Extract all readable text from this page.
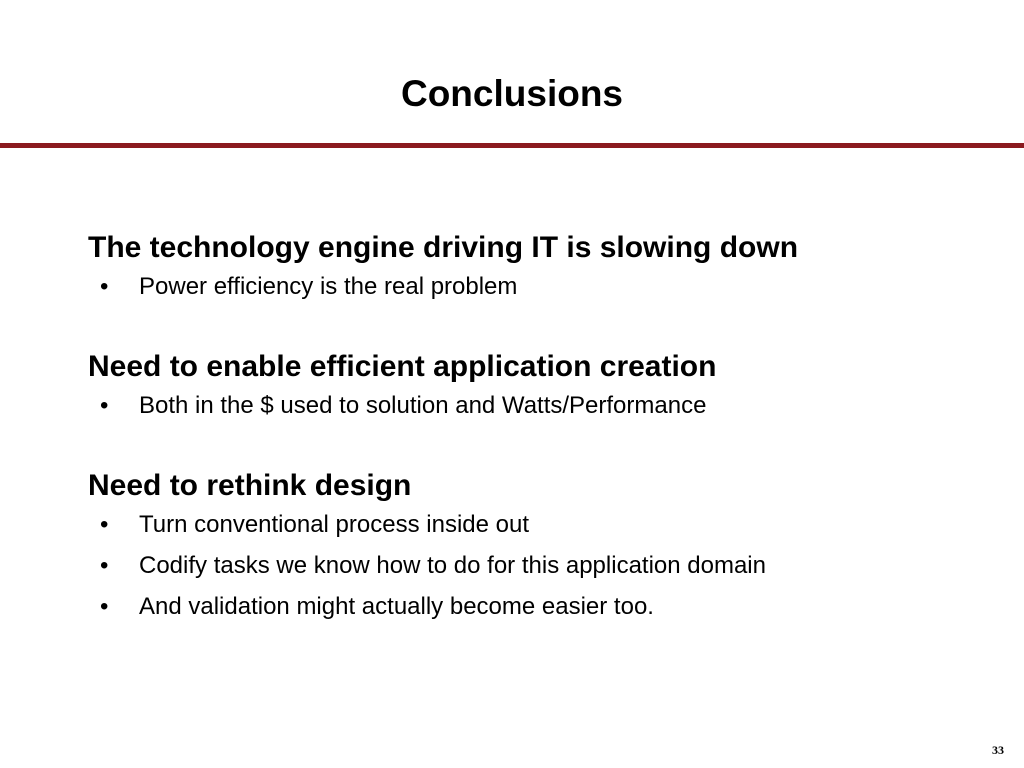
Conclusions
The technology engine driving IT is slowing down
• Power efficiency is the real problem
Need to enable efficient application creation
• Both in the $ used to solution and Watts/Performance
Need to rethink design
• Turn conventional process inside out
• Codify tasks we know how to do for this application domain
• And validation might actually become easier too.
33
